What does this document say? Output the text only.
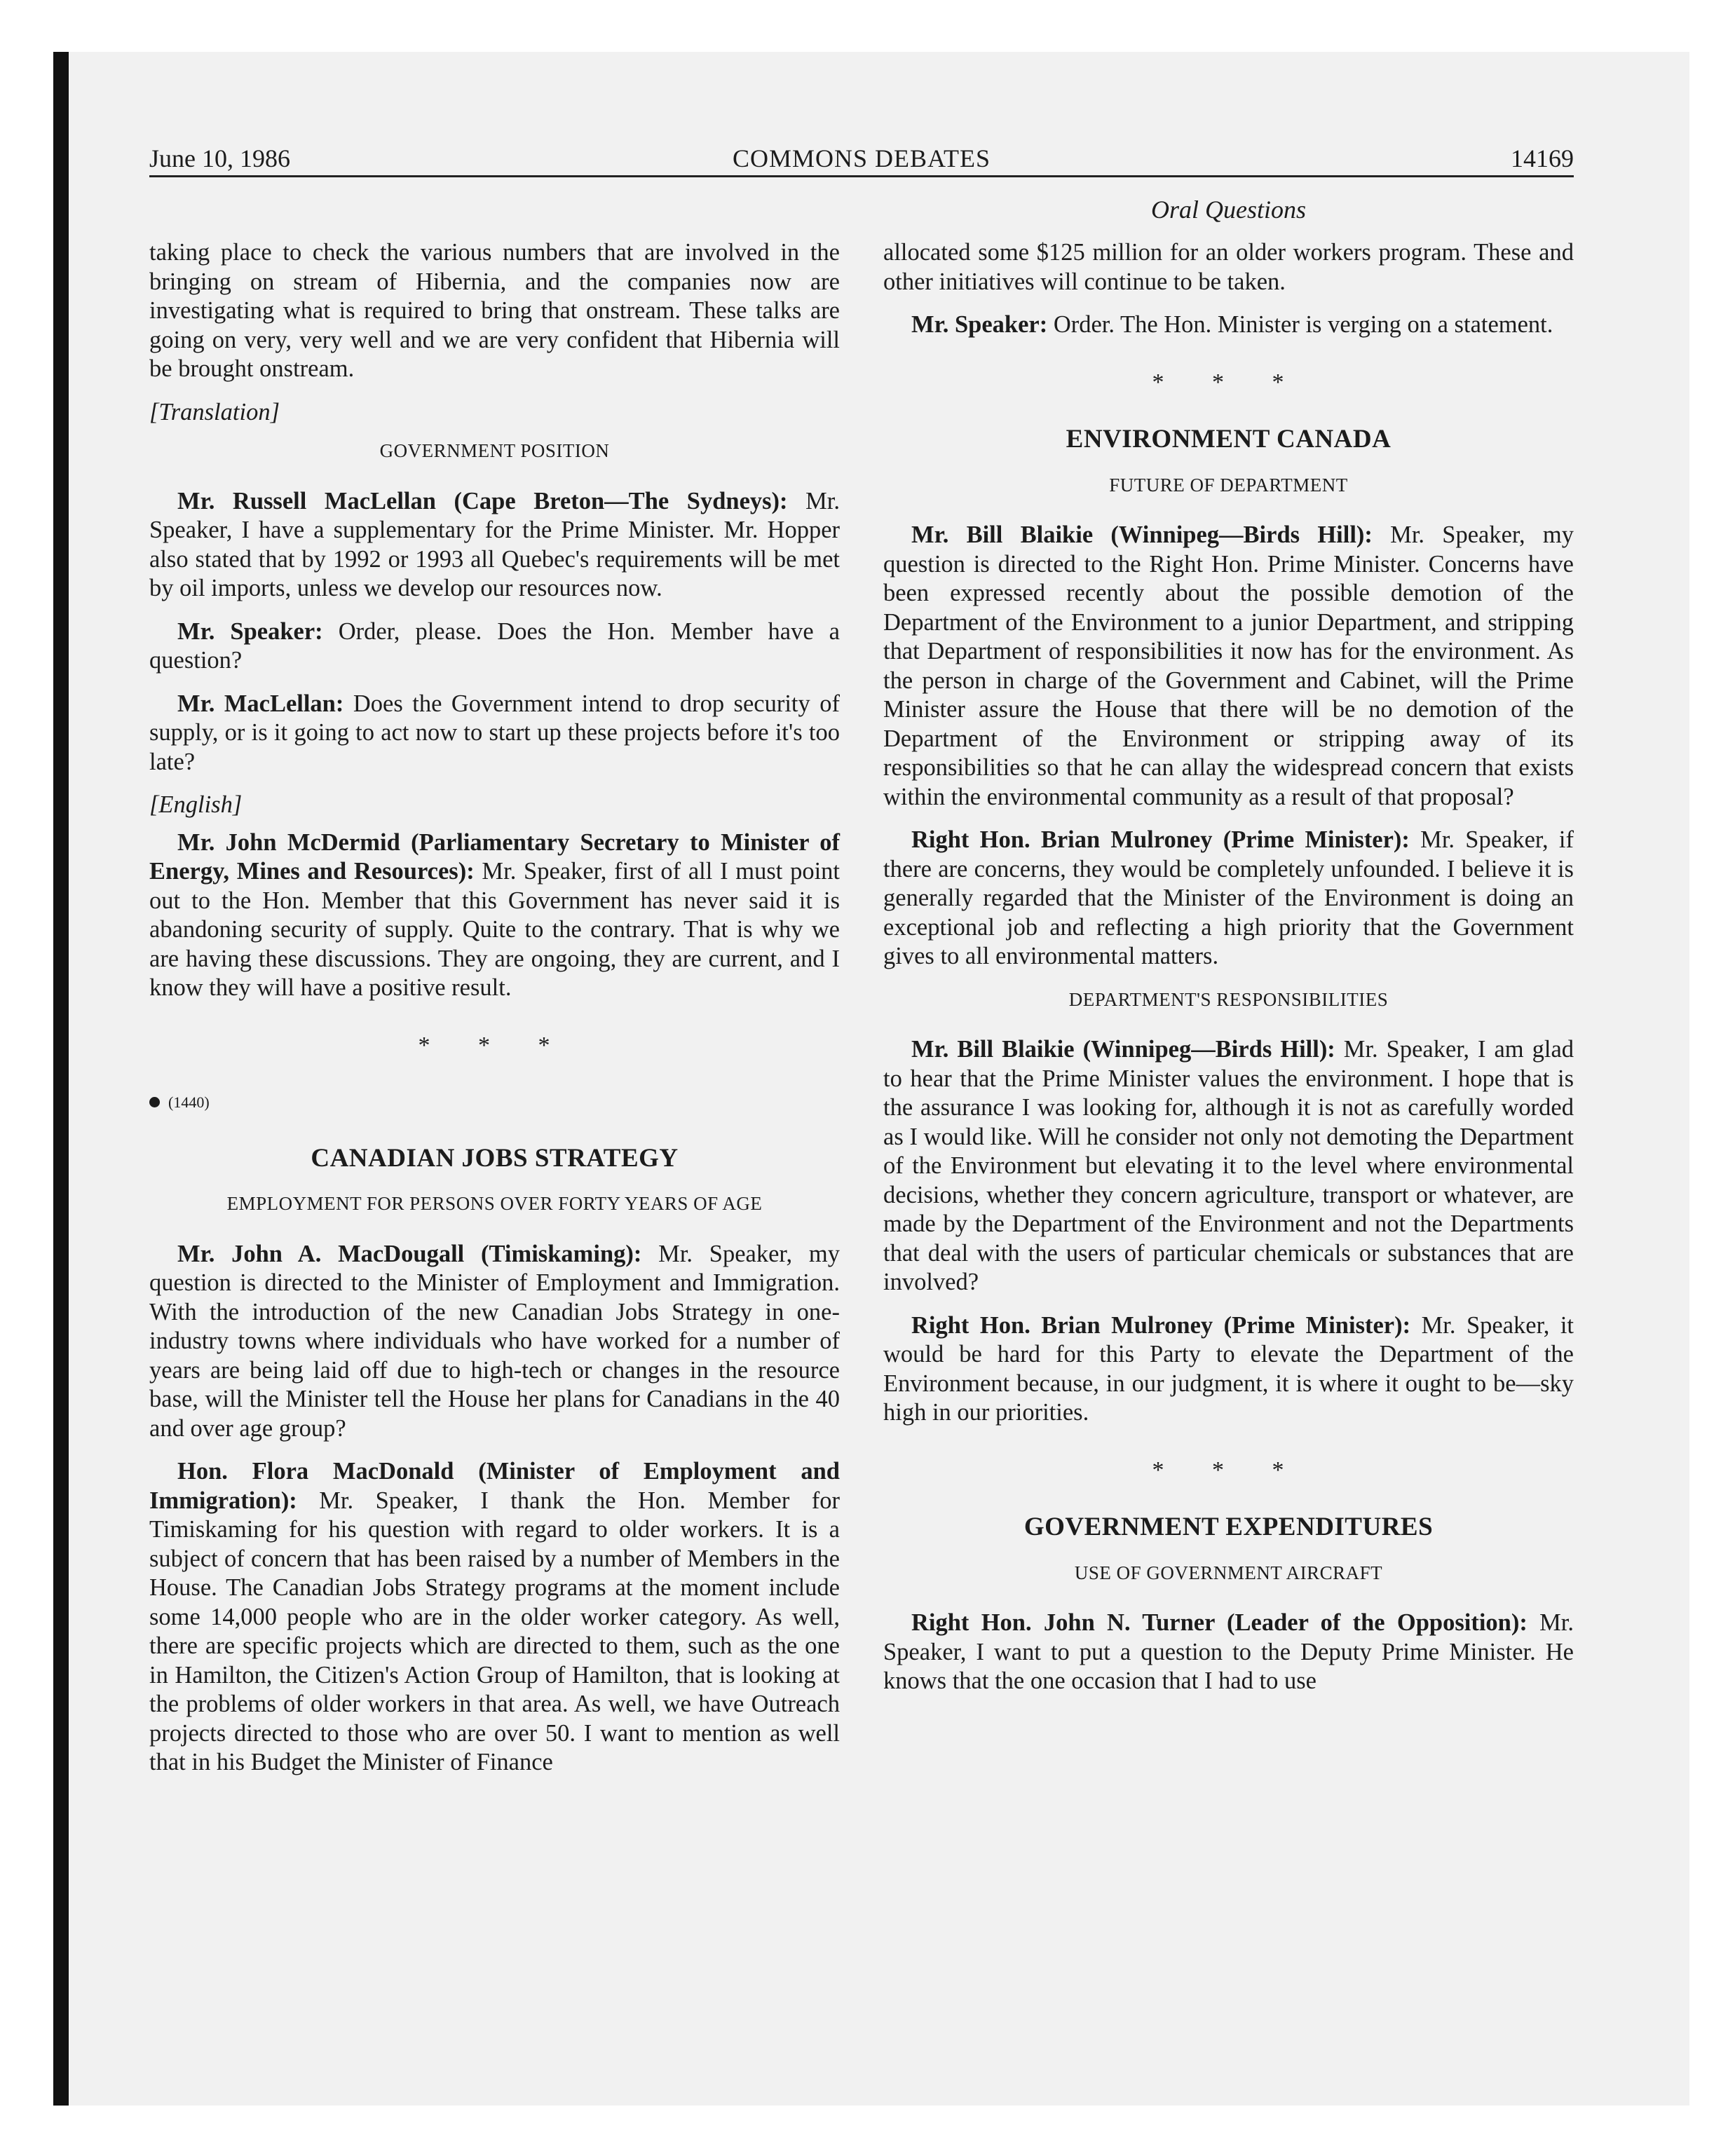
June 10, 1986	COMMONS DEBATES	14169
Oral Questions

taking place to check the various numbers that are involved in the bringing on stream of Hibernia, and the companies now are investigating what is required to bring that onstream. These talks are going on very, very well and we are very confident that Hibernia will be brought onstream.

[Translation]

GOVERNMENT POSITION

Mr. Russell MacLellan (Cape Breton—The Sydneys): Mr. Speaker, I have a supplementary for the Prime Minister. Mr. Hopper also stated that by 1992 or 1993 all Quebec's requirements will be met by oil imports, unless we develop our resources now.

Mr. Speaker: Order, please. Does the Hon. Member have a question?

Mr. MacLellan: Does the Government intend to drop security of supply, or is it going to act now to start up these projects before it's too late?

[English]

Mr. John McDermid (Parliamentary Secretary to Minister of Energy, Mines and Resources): Mr. Speaker, first of all I must point out to the Hon. Member that this Government has never said it is abandoning security of supply. Quite to the contrary. That is why we are having these discussions. They are ongoing, they are current, and I know they will have a positive result.

* * *
(1440)
CANADIAN JOBS STRATEGY
EMPLOYMENT FOR PERSONS OVER FORTY YEARS OF AGE

Mr. John A. MacDougall (Timiskaming): Mr. Speaker, my question is directed to the Minister of Employment and Immigration. With the introduction of the new Canadian Jobs Strategy in one-industry towns where individuals who have worked for a number of years are being laid off due to high-tech or changes in the resource base, will the Minister tell the House her plans for Canadians in the 40 and over age group?

Hon. Flora MacDonald (Minister of Employment and Immigration): Mr. Speaker, I thank the Hon. Member for Timiskaming for his question with regard to older workers. It is a subject of concern that has been raised by a number of Members in the House. The Canadian Jobs Strategy programs at the moment include some 14,000 people who are in the older worker category. As well, there are specific projects which are directed to them, such as the one in Hamilton, the Citizen's Action Group of Hamilton, that is looking at the problems of older workers in that area. As well, we have Outreach projects directed to those who are over 50. I want to mention as well that in his Budget the Minister of Finance

allocated some $125 million for an older workers program. These and other initiatives will continue to be taken.

Mr. Speaker: Order. The Hon. Minister is verging on a statement.

* * *
ENVIRONMENT CANADA
FUTURE OF DEPARTMENT

Mr. Bill Blaikie (Winnipeg—Birds Hill): Mr. Speaker, my question is directed to the Right Hon. Prime Minister. Concerns have been expressed recently about the possible demotion of the Department of the Environment to a junior Department, and stripping that Department of responsibilities it now has for the environment. As the person in charge of the Government and Cabinet, will the Prime Minister assure the House that there will be no demotion of the Department of the Environment or stripping away of its responsibilities so that he can allay the widespread concern that exists within the environmental community as a result of that proposal?

Right Hon. Brian Mulroney (Prime Minister): Mr. Speaker, if there are concerns, they would be completely unfounded. I believe it is generally regarded that the Minister of the Environment is doing an exceptional job and reflecting a high priority that the Government gives to all environmental matters.

DEPARTMENT'S RESPONSIBILITIES

Mr. Bill Blaikie (Winnipeg—Birds Hill): Mr. Speaker, I am glad to hear that the Prime Minister values the environment. I hope that is the assurance I was looking for, although it is not as carefully worded as I would like. Will he consider not only not demoting the Department of the Environment but elevating it to the level where environmental decisions, whether they concern agriculture, transport or whatever, are made by the Department of the Environment and not the Departments that deal with the users of particular chemicals or substances that are involved?

Right Hon. Brian Mulroney (Prime Minister): Mr. Speaker, it would be hard for this Party to elevate the Department of the Environment because, in our judgment, it is where it ought to be—sky high in our priorities.

* * *
GOVERNMENT EXPENDITURES
USE OF GOVERNMENT AIRCRAFT

Right Hon. John N. Turner (Leader of the Opposition): Mr. Speaker, I want to put a question to the Deputy Prime Minister. He knows that the one occasion that I had to use
